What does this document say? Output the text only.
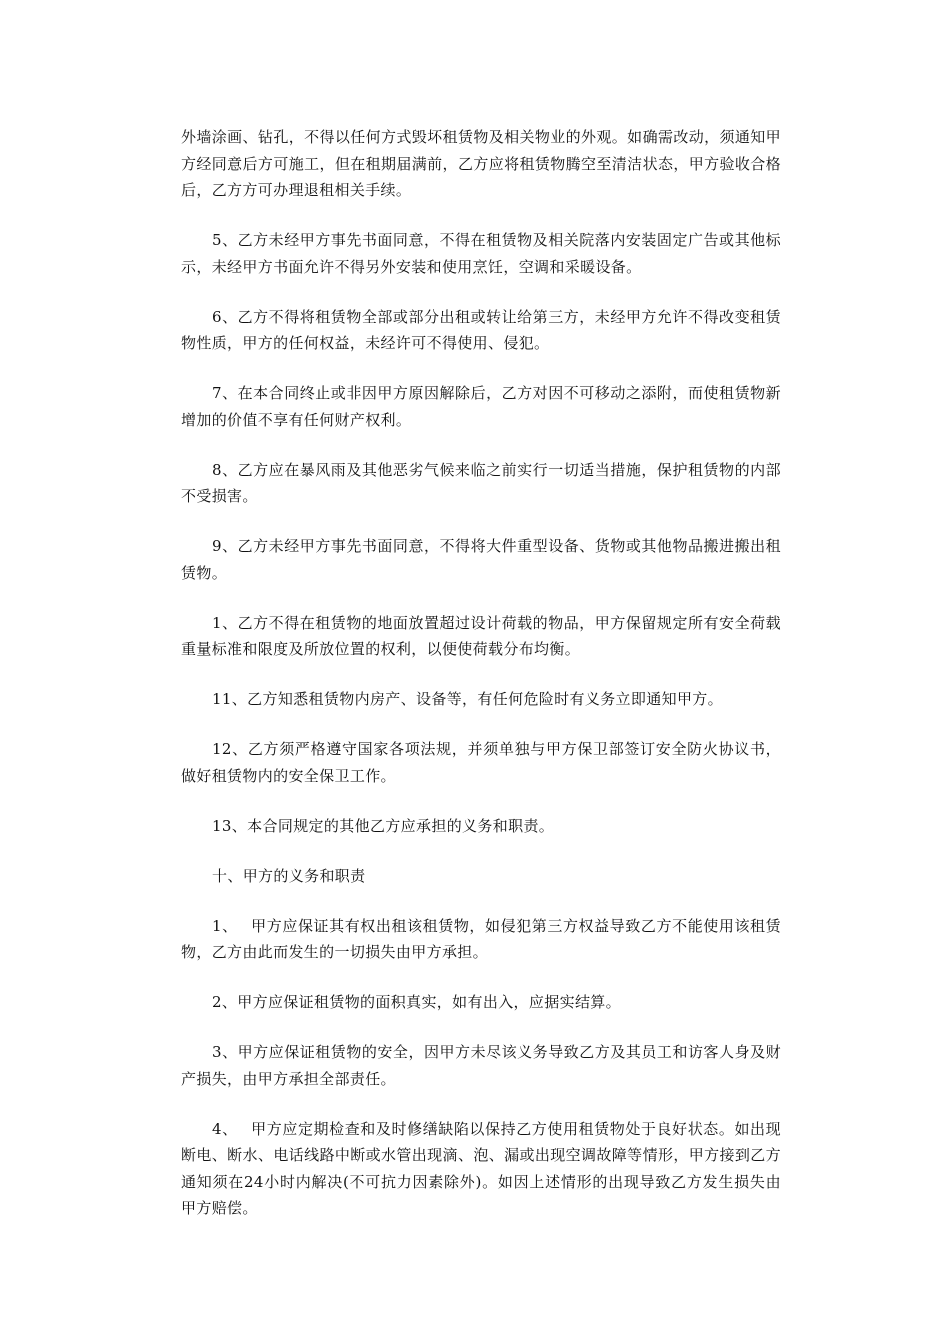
外墙涂画、钻孔，不得以任何方式毁坏租赁物及相关物业的外观。如确需改动，须通知甲方经同意后方可施工，但在租期届满前，乙方应将租赁物腾空至清洁状态，甲方验收合格后，乙方方可办理退租相关手续。

5、乙方未经甲方事先书面同意，不得在租赁物及相关院落内安装固定广告或其他标示，未经甲方书面允许不得另外安装和使用烹饪，空调和采暖设备。

6、乙方不得将租赁物全部或部分出租或转让给第三方，未经甲方允许不得改变租赁物性质，甲方的任何权益，未经许可不得使用、侵犯。

7、在本合同终止或非因甲方原因解除后，乙方对因不可移动之添附，而使租赁物新增加的价值不享有任何财产权利。

8、乙方应在暴风雨及其他恶劣气候来临之前实行一切适当措施，保护租赁物的内部不受损害。

9、乙方未经甲方事先书面同意，不得将大件重型设备、货物或其他物品搬进搬出租赁物。

1、乙方不得在租赁物的地面放置超过设计荷载的物品，甲方保留规定所有安全荷载重量标准和限度及所放位置的权利，以便使荷载分布均衡。

11、乙方知悉租赁物内房产、设备等，有任何危险时有义务立即通知甲方。

12、乙方须严格遵守国家各项法规，并须单独与甲方保卫部签订安全防火协议书，做好租赁物内的安全保卫工作。

13、本合同规定的其他乙方应承担的义务和职责。

十、甲方的义务和职责

1、　 甲方应保证其有权出租该租赁物，如侵犯第三方权益导致乙方不能使用该租赁物，乙方由此而发生的一切损失由甲方承担。

2、甲方应保证租赁物的面积真实，如有出入，应据实结算。

3、甲方应保证租赁物的安全，因甲方未尽该义务导致乙方及其员工和访客人身及财产损失，由甲方承担全部责任。

4、　 甲方应定期检查和及时修缮缺陷以保持乙方使用租赁物处于良好状态。如出现断电、断水、电话线路中断或水管出现滴、泡、漏或出现空调故障等情形，甲方接到乙方通知须在24小时内解决(不可抗力因素除外)。如因上述情形的出现导致乙方发生损失由甲方赔偿。
